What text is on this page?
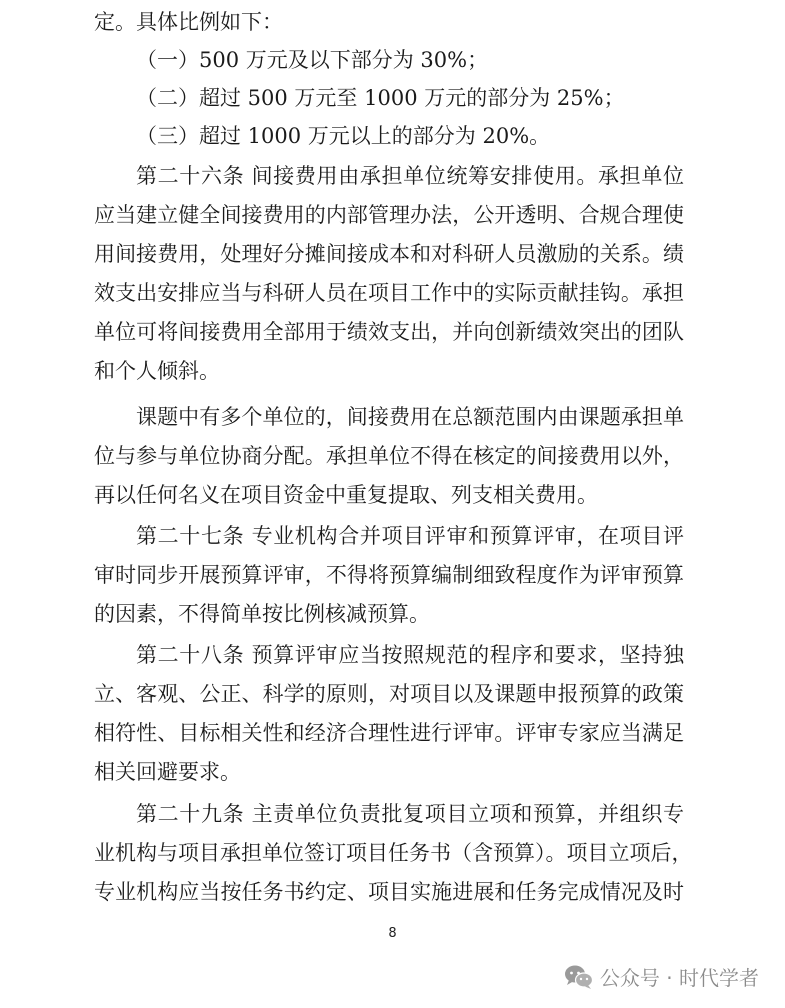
定。具体比例如下：
（一）500 万元及以下部分为 30%；
（二）超过 500 万元至 1000 万元的部分为 25%；
（三）超过 1000 万元以上的部分为 20%。
第二十六条 间接费用由承担单位统筹安排使用。承担单位
应当建立健全间接费用的内部管理办法，公开透明、合规合理使
用间接费用，处理好分摊间接成本和对科研人员激励的关系。绩
效支出安排应当与科研人员在项目工作中的实际贡献挂钩。承担
单位可将间接费用全部用于绩效支出，并向创新绩效突出的团队
和个人倾斜。
课题中有多个单位的，间接费用在总额范围内由课题承担单
位与参与单位协商分配。承担单位不得在核定的间接费用以外，
再以任何名义在项目资金中重复提取、列支相关费用。
第二十七条 专业机构合并项目评审和预算评审，在项目评
审时同步开展预算评审，不得将预算编制细致程度作为评审预算
的因素，不得简单按比例核减预算。
第二十八条 预算评审应当按照规范的程序和要求，坚持独
立、客观、公正、科学的原则，对项目以及课题申报预算的政策
相符性、目标相关性和经济合理性进行评审。评审专家应当满足
相关回避要求。
第二十九条 主责单位负责批复项目立项和预算，并组织专
业机构与项目承担单位签订项目任务书（含预算）。项目立项后，
专业机构应当按任务书约定、项目实施进展和任务完成情况及时
8
公众号 · 时代学者
